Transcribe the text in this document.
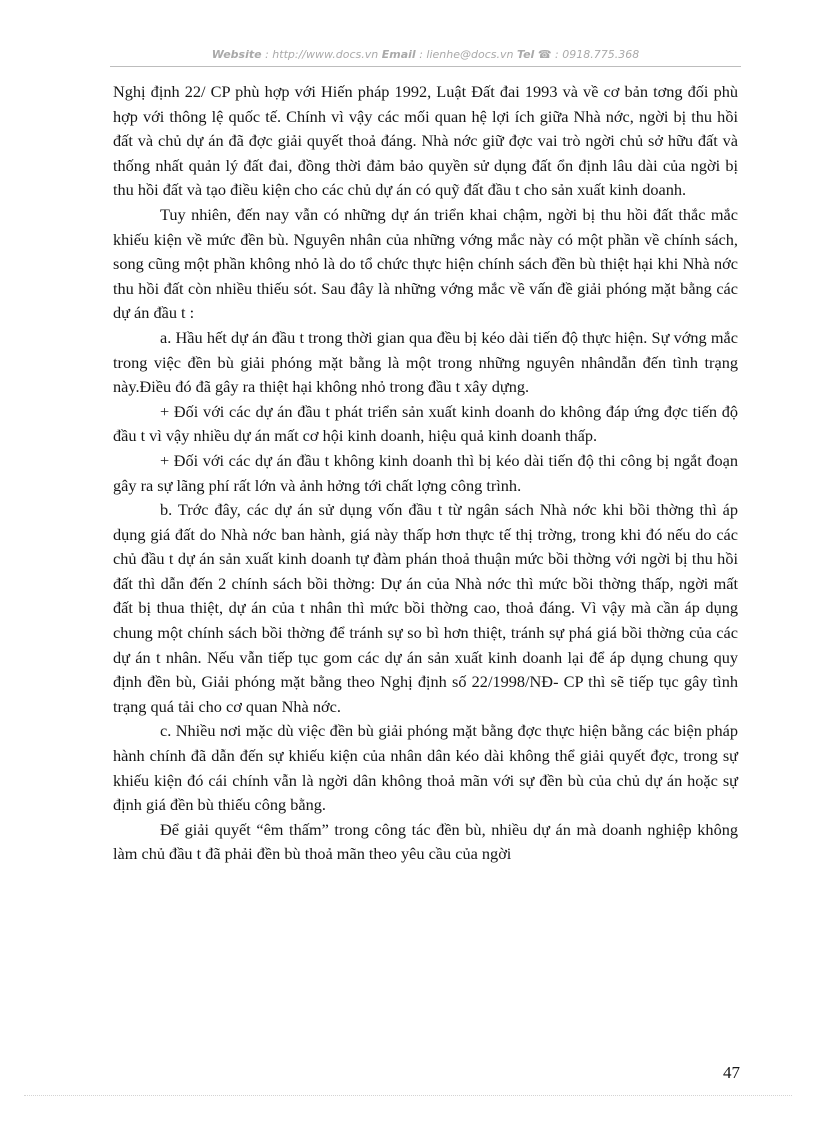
Website : http://www.docs.vn Email : lienhe@docs.vn Tel ☎ : 0918.775.368

Nghị định 22/ CP phù hợp với Hiến pháp 1992, Luật Đất đai 1993 và về cơ bản tơng đối phù hợp với thông lệ quốc tế. Chính vì vậy các mối quan hệ lợi ích giữa Nhà nớc, ngời bị thu hồi đất và chủ dự án đã đợc giải quyết thoả đáng. Nhà nớc giữ đợc vai trò ngời chủ sở hữu đất và thống nhất quản lý đất đai, đồng thời đảm bảo quyền sử dụng đất ổn định lâu dài của ngời bị thu hồi đất và tạo điều kiện cho các chủ dự án có quỹ đất đầu t cho sản xuất kinh doanh.

Tuy nhiên, đến nay vẫn có những dự án triển khai chậm, ngời bị thu hồi đất thắc mắc khiếu kiện về mức đền bù. Nguyên nhân của những vớng mắc này có một phần về chính sách, song cũng một phần không nhỏ là do tổ chức thực hiện chính sách đền bù thiệt hại khi Nhà nớc thu hồi đất còn nhiều thiếu sót. Sau đây là những vớng mắc về vấn đề giải phóng mặt bằng các dự án đầu t :

a. Hầu hết dự án đầu t trong thời gian qua đều bị kéo dài tiến độ thực hiện. Sự vớng mắc trong việc đền bù giải phóng mặt bằng là một trong những nguyên nhândẫn đến tình trạng này.Điều đó đã gây ra thiệt hại không nhỏ trong đầu t xây dựng.

+ Đối với các dự án đầu t phát triển sản xuất kinh doanh do không đáp ứng đợc tiến độ đầu t vì vậy nhiều dự án mất cơ hội kinh doanh, hiệu quả kinh doanh thấp.

+ Đối với các dự án đầu t không kinh doanh thì bị kéo dài tiến độ thi công bị ngắt đoạn gây ra sự lãng phí rất lớn và ảnh hởng tới chất lợng công trình.

b. Trớc đây, các dự án sử dụng vốn đầu t từ ngân sách Nhà nớc khi bồi thờng thì áp dụng giá đất do Nhà nớc ban hành, giá này thấp hơn thực tế thị trờng, trong khi đó nếu do các chủ đầu t dự án sản xuất kinh doanh tự đàm phán thoả thuận mức bồi thờng với ngời bị thu hồi đất thì dẫn đến 2 chính sách bồi thờng: Dự án của Nhà nớc thì mức bồi thờng thấp, ngời mất đất bị thua thiệt, dự án của t nhân thì mức bồi thờng cao, thoả đáng. Vì vậy mà cần áp dụng chung một chính sách bồi thờng để tránh sự so bì hơn thiệt, tránh sự phá giá bồi thờng của các dự án t nhân. Nếu vẫn tiếp tục gom các dự án sản xuất kinh doanh lại để áp dụng chung quy định đền bù, Giải phóng mặt bằng theo Nghị định số 22/1998/NĐ- CP thì sẽ tiếp tục gây tình trạng quá tải cho cơ quan Nhà nớc.

c. Nhiều nơi mặc dù việc đền bù giải phóng mặt bằng đợc thực hiện bằng các biện pháp hành chính đã dẫn đến sự khiếu kiện của nhân dân kéo dài không thể giải quyết đợc, trong sự khiếu kiện đó cái chính vẫn là ngời dân không thoả mãn với sự đền bù của chủ dự án hoặc sự định giá đền bù thiếu công bằng.

Để giải quyết “êm thấm” trong công tác đền bù, nhiều dự án mà doanh nghiệp không làm chủ đầu t đã phải đền bù thoả mãn theo yêu cầu của ngời

47
